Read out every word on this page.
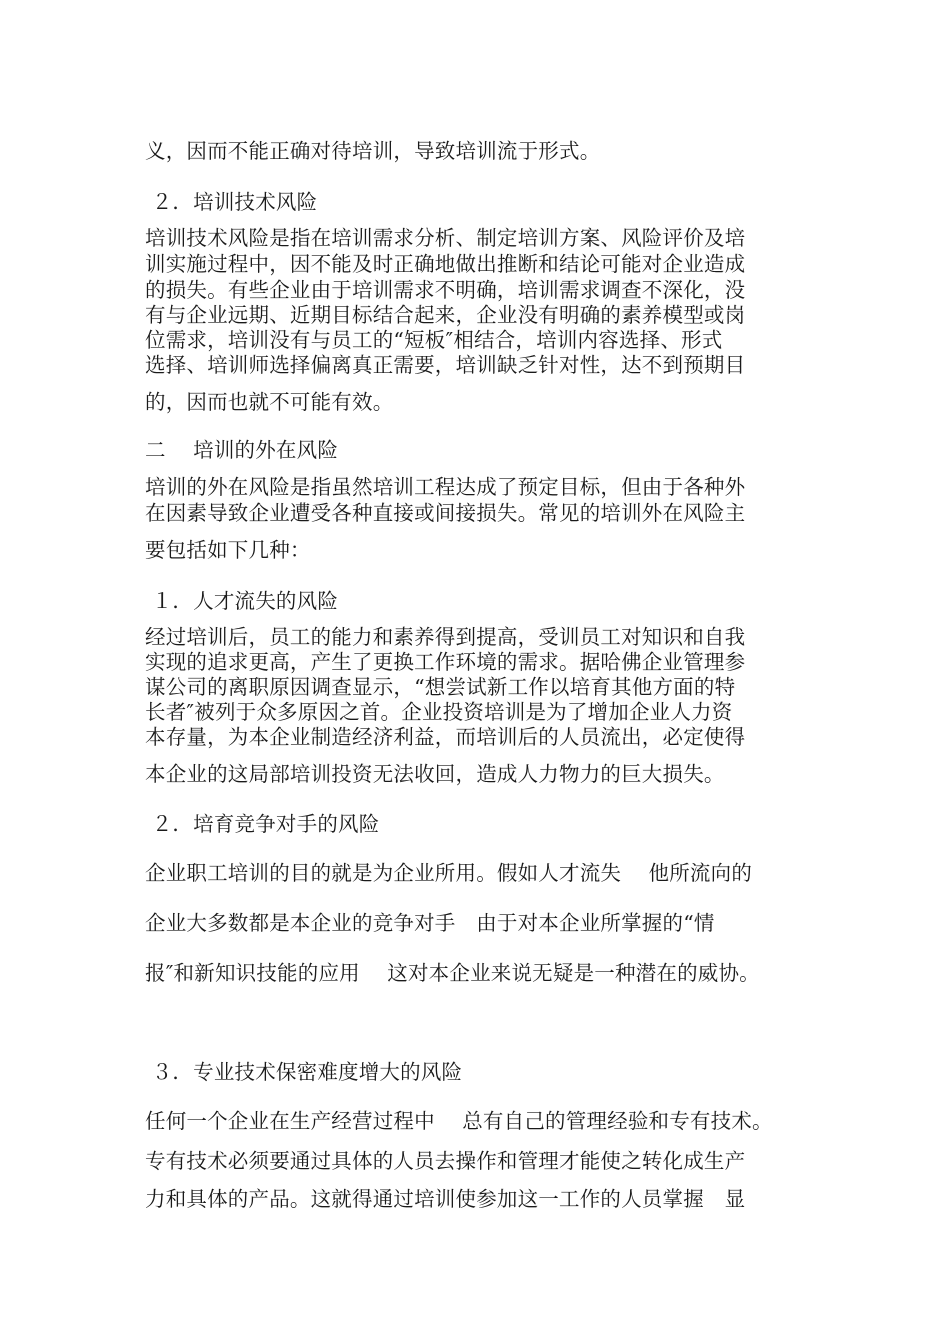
义，因而不能正确对待培训，导致培训流于形式。
２．培训技术风险
培训技术风险是指在培训需求分析、制定培训方案、风险评价及培
训实施过程中，因不能及时正确地做出推断和结论可能对企业造成
的损失。有些企业由于培训需求不明确，培训需求调查不深化，没
有与企业远期、近期目标结合起来，企业没有明确的素养模型或岗
位需求，培训没有与员工的“短板″相结合，培训内容选择、形式
选择、培训师选择偏离真正需要，培训缺乏针对性，达不到预期目
的，因而也就不可能有效。
二　 培训的外在风险
培训的外在风险是指虽然培训工程达成了预定目标，但由于各种外
在因素导致企业遭受各种直接或间接损失。常见的培训外在风险主
要包括如下几种：
１．人才流失的风险
经过培训后，员工的能力和素养得到提高，受训员工对知识和自我
实现的追求更高，产生了更换工作环境的需求。据哈佛企业管理参
谋公司的离职原因调查显示，“想尝试新工作以培育其他方面的特
长者″被列于众多原因之首。企业投资培训是为了增加企业人力资
本存量，为本企业制造经济利益，而培训后的人员流出，必定使得
本企业的这局部培训投资无法收回，造成人力物力的巨大损失。
２．培育竞争对手的风险
企业职工培训的目的就是为企业所用。假如人才流失　 他所流向的
企业大多数都是本企业的竞争对手　由于对本企业所掌握的“情
报″和新知识技能的应用　 这对本企业来说无疑是一种潜在的威协。
３．专业技术保密难度增大的风险
任何一个企业在生产经营过程中　 总有自己的管理经验和专有技术。
专有技术必须要通过具体的人员去操作和管理才能使之转化成生产
力和具体的产品。这就得通过培训使参加这一工作的人员掌握　显
